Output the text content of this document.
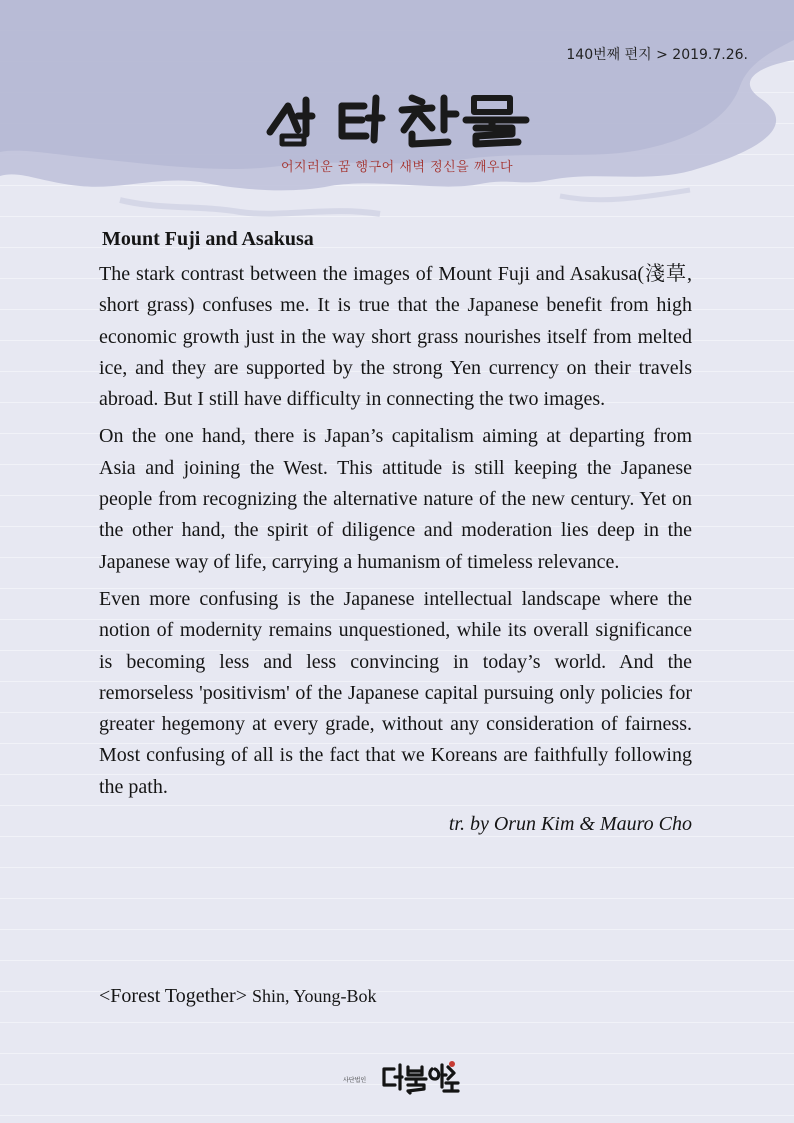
140번째 편지 > 2019.7.26.
어지러운 꿈 행구어 새벽 정신을 깨우다
Mount Fuji and Asakusa

The stark contrast between the images of Mount Fuji and Asakusa(淺草, short grass) confuses me. It is true that the Japanese benefit from high economic growth just in the way short grass nourishes itself from melted ice, and they are supported by the strong Yen currency on their travels abroad. But I still have difficulty in connecting the two images.

On the one hand, there is Japan’s capitalism aiming at departing from Asia and joining the West. This attitude is still keeping the Japanese people from recognizing the alternative nature of the new century. Yet on the other hand, the spirit of diligence and moderation lies deep in the Japanese way of life, carrying a humanism of timeless relevance.

Even more confusing is the Japanese intellectual landscape where the notion of modernity remains unquestioned, while its overall significance is becoming less and less convincing in today’s world. And the remorseless 'positivism' of the Japanese capital pursuing only policies for greater hegemony at every grade, without any consideration of fairness. Most confusing of all is the fact that we Koreans are faithfully following the path.

tr. by Orun Kim & Mauro Cho
<Forest Together> Shin, Young-Bok
사단법인
